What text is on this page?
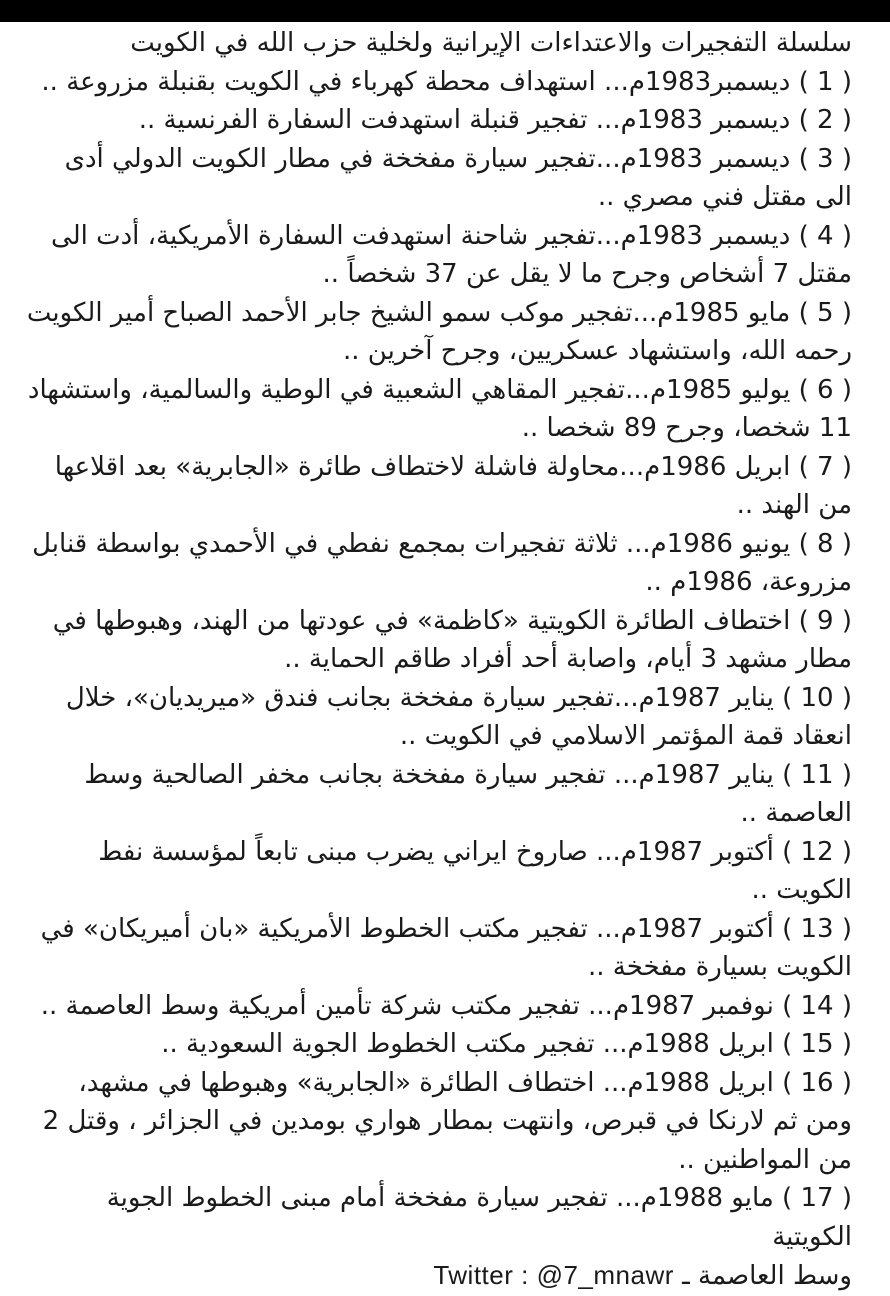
سلسلة التفجيرات والاعتداءات الإيرانية ولخلية حزب الله في الكويت
( 1 ) ديسمبر1983م... استهداف محطة كهرباء في الكويت بقنبلة مزروعة ..
( 2 ) ديسمبر 1983م... تفجير قنبلة استهدفت السفارة الفرنسية ..
( 3 ) ديسمبر 1983م...تفجير سيارة مفخخة في مطار الكويت الدولي أدى الى مقتل فني مصري ..
( 4 ) ديسمبر 1983م...تفجير شاحنة استهدفت السفارة الأمريكية، أدت الى مقتل 7 أشخاص وجرح ما لا يقل عن 37 شخصاً ..
( 5 ) مايو 1985م...تفجير موكب سمو الشيخ جابر الأحمد الصباح أمير الكويت رحمه الله، واستشهاد عسكريين، وجرح آخرين ..
( 6 ) يوليو 1985م...تفجير المقاهي الشعبية في الوطية والسالمية، واستشهاد 11 شخصا، وجرح 89 شخصا ..
( 7 ) ابريل 1986م...محاولة فاشلة لاختطاف طائرة «الجابرية» بعد اقلاعها من الهند ..
( 8 ) يونيو 1986م... ثلاثة تفجيرات بمجمع نفطي في الأحمدي بواسطة قنابل مزروعة، 1986م ..
( 9 ) اختطاف الطائرة الكويتية «كاظمة» في عودتها من الهند، وهبوطها في مطار مشهد 3 أيام، واصابة أحد أفراد طاقم الحماية ..
( 10 ) يناير 1987م...تفجير سيارة مفخخة بجانب فندق «ميريديان»، خلال انعقاد قمة المؤتمر الاسلامي في الكويت ..
( 11 ) يناير 1987م... تفجير سيارة مفخخة بجانب مخفر الصالحية وسط العاصمة ..
( 12 ) أكتوبر 1987م... صاروخ ايراني يضرب مبنى تابعاً لمؤسسة نفط الكويت ..
( 13 ) أكتوبر 1987م... تفجير مكتب الخطوط الأمريكية «بان أميريكان» في الكويت بسيارة مفخخة ..
( 14 ) نوفمبر 1987م... تفجير مكتب شركة تأمين أمريكية وسط العاصمة ..
( 15 ) ابريل 1988م... تفجير مكتب الخطوط الجوية السعودية ..
( 16 ) ابريل 1988م... اختطاف الطائرة «الجابرية» وهبوطها في مشهد، ومن ثم لارنكا في قبرص، وانتهت بمطار هواري بومدين في الجزائر ، وقتل 2 من المواطنين ..
( 17 ) مايو 1988م... تفجير سيارة مفخخة أمام مبنى الخطوط الجوية الكويتية
وسط العاصمة ـ Twitter : @7_mnawr
